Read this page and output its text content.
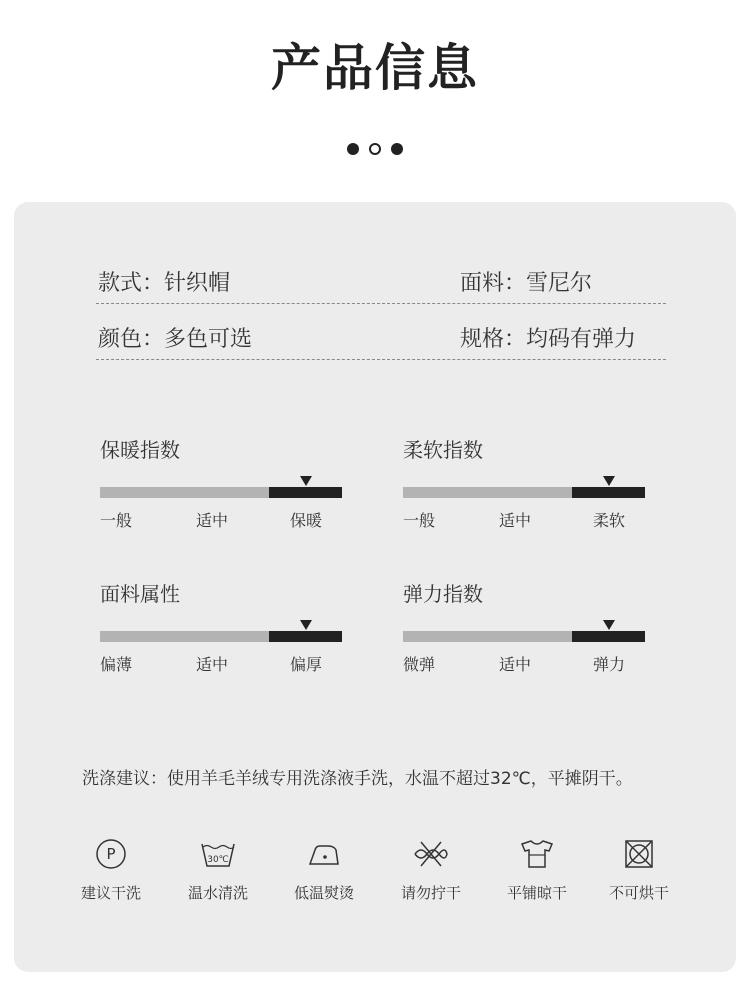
产品信息
款式：针织帽	面料：雪尼尔
颜色：多色可选	规格：均码有弹力
保暖指数
一般	适中	保暖
柔软指数
一般	适中	柔软
面料属性
偏薄	适中	偏厚
弹力指数
微弹	适中	弹力
洗涤建议：使用羊毛羊绒专用洗涤液手洗，水温不超过32℃，平摊阴干。
P
建议干洗
30℃
温水清洗	低温熨烫	请勿拧干	平铺晾干	不可烘干
